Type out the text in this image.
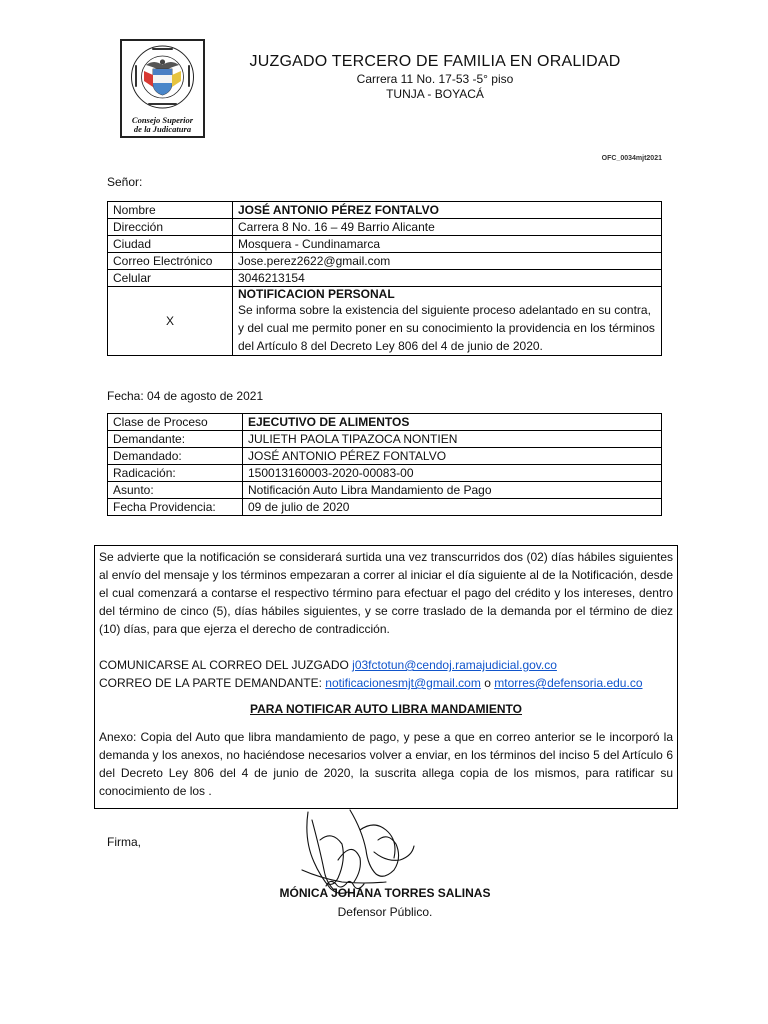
RAMA JUDICIAL · REPÚBLICA DE COLOMBIA
Consejo Superior
de la Judicatura
JUZGADO TERCERO DE FAMILIA EN ORALIDAD
Carrera 11 No. 17-53 -5° piso
TUNJA - BOYACÁ
OFC_0034mjt2021
Señor:
Nombre	JOSÉ ANTONIO PÉREZ FONTALVO
Dirección	Carrera 8 No. 16 – 49 Barrio Alicante
Ciudad	Mosquera - Cundinamarca
Correo Electrónico	Jose.perez2622@gmail.com
Celular	3046213154
X	NOTIFICACION PERSONAL
Se informa sobre la existencia del siguiente proceso adelantado en su contra, y del cual me permito poner en su conocimiento la providencia en los términos del Artículo 8 del Decreto Ley 806 del 4 de junio de 2020.
Fecha: 04 de agosto de 2021
Clase de Proceso	EJECUTIVO DE ALIMENTOS
Demandante:	JULIETH PAOLA TIPAZOCA NONTIEN
Demandado:	JOSÉ ANTONIO PÉREZ FONTALVO
Radicación:	150013160003-2020-00083-00
Asunto:	Notificación Auto Libra Mandamiento de Pago
Fecha Providencia:	09 de julio de 2020

Se advierte que la notificación se considerará surtida una vez transcurridos dos (02) días hábiles siguientes al envío del mensaje y los términos empezaran a correr al iniciar el día siguiente al de la Notificación, desde el cual comenzará a contarse el respectivo término para efectuar el pago del crédito y los intereses, dentro del término de cinco (5), días hábiles siguientes, y se corre traslado de la demanda por el término de diez (10) días, para que ejerza el derecho de contradicción.

COMUNICARSE AL CORREO DEL JUZGADO j03fctotun@cendoj.ramajudicial.gov.co

CORREO DE LA PARTE DEMANDANTE: notificacionesmjt@gmail.com o mtorres@defensoria.edu.co

PARA NOTIFICAR AUTO LIBRA MANDAMIENTO

Anexo: Copia del Auto que libra mandamiento de pago, y pese a que en correo anterior se le incorporó la demanda y los anexos, no haciéndose necesarios volver a enviar, en los términos del inciso 5 del Artículo 6 del Decreto Ley 806 del 4 de junio de 2020, la suscrita allega copia de los mismos, para ratificar su conocimiento de los .

Firma,
MÓNICA JOHANA TORRES SALINAS
Defensor Público.
